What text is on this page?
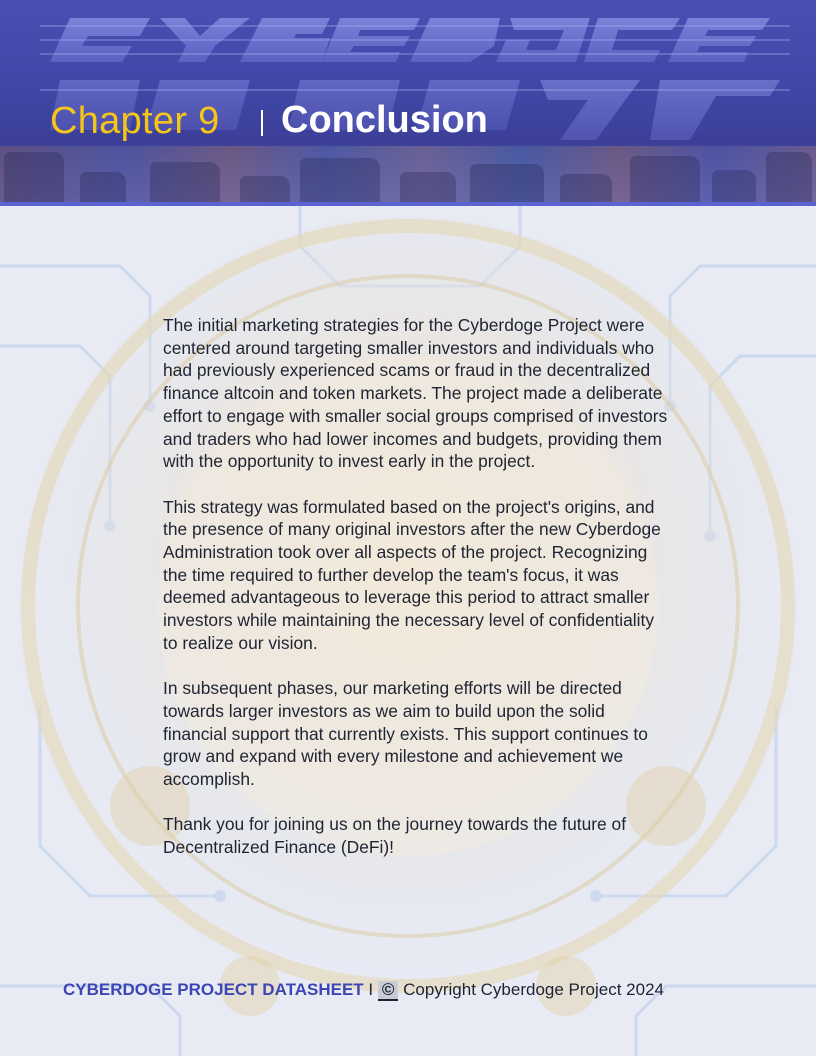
Chapter 9 Conclusion

The initial marketing strategies for the Cyberdoge Project were centered around targeting smaller investors and individuals who had previously experienced scams or fraud in the decentralized finance altcoin and token markets. The project made a deliberate effort to engage with smaller social groups comprised of investors and traders who had lower incomes and budgets, providing them with the opportunity to invest early in the project.

This strategy was formulated based on the project's origins, and the presence of many original investors after the new Cyberdoge Administration took over all aspects of the project. Recognizing the time required to further develop the team's focus, it was deemed advantageous to leverage this period to attract smaller investors while maintaining the necessary level of confidentiality to realize our vision.

In subsequent phases, our marketing efforts will be directed towards larger investors as we aim to build upon the solid financial support that currently exists. This support continues to grow and expand with every milestone and achievement we accomplish.

Thank you for joining us on the journey towards the future of Decentralized Finance (DeFi)!

CYBERDOGE PROJECT DATASHEET I © Copyright Cyberdoge Project 2024
